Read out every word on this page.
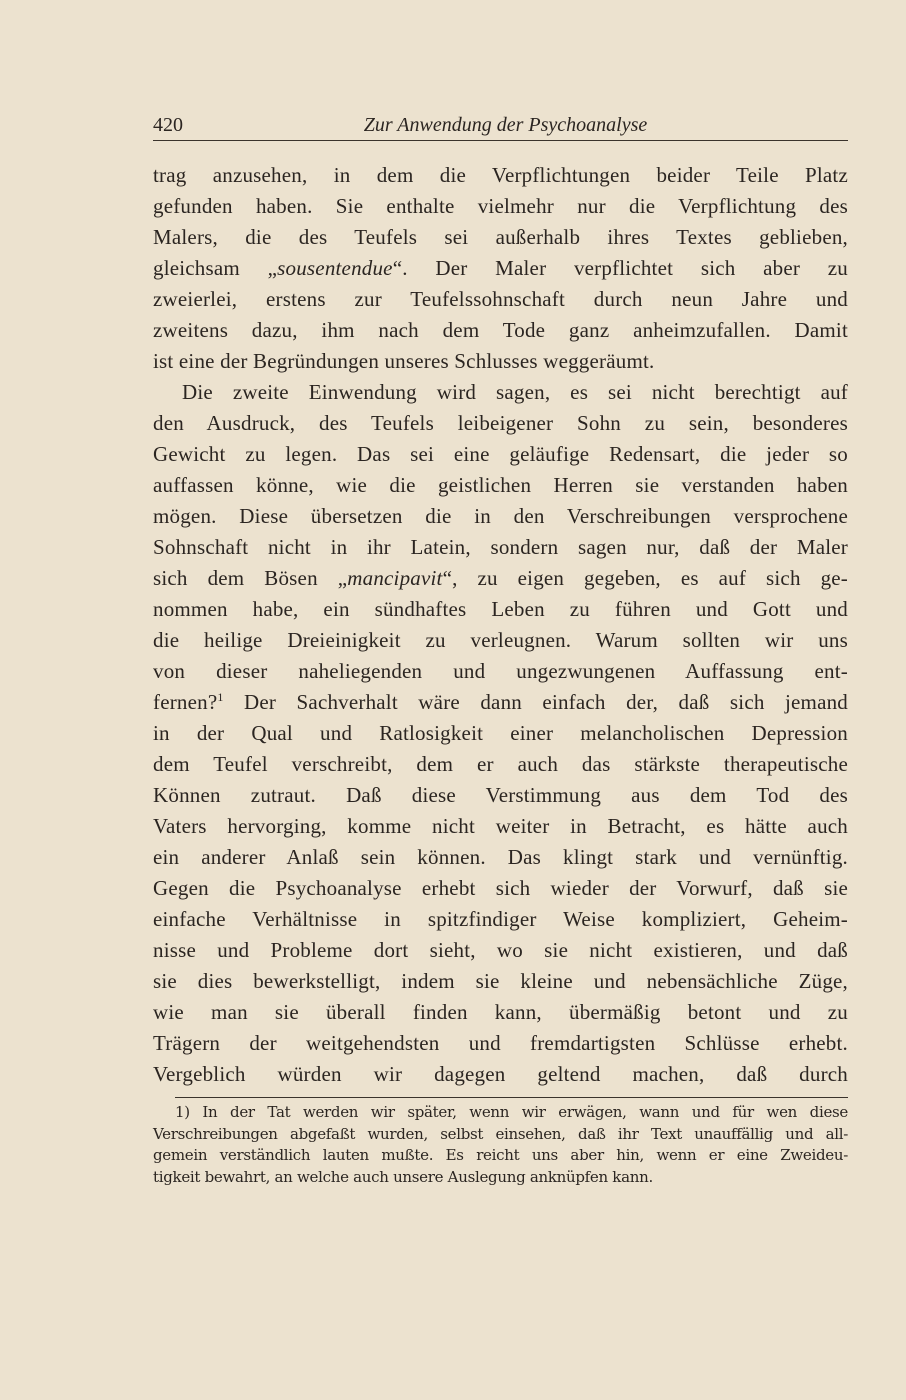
420	Zur Anwendung der Psychoanalyse
trag anzusehen, in dem die Verpflichtungen beider Teile Platz
gefunden haben. Sie enthalte vielmehr nur die Verpflichtung des
Malers, die des Teufels sei außerhalb ihres Textes geblieben,
gleichsam „sousentendue“. Der Maler verpflichtet sich aber zu
zweierlei, erstens zur Teufelssohnschaft durch neun Jahre und
zweitens dazu, ihm nach dem Tode ganz anheimzufallen. Damit
ist eine der Begründungen unseres Schlusses weggeräumt.
Die zweite Einwendung wird sagen, es sei nicht berechtigt auf
den Ausdruck, des Teufels leibeigener Sohn zu sein, besonderes
Gewicht zu legen. Das sei eine geläufige Redensart, die jeder so
auffassen könne, wie die geistlichen Herren sie verstanden haben
mögen. Diese übersetzen die in den Verschreibungen versprochene
Sohnschaft nicht in ihr Latein, sondern sagen nur, daß der Maler
sich dem Bösen „mancipavit“, zu eigen gegeben, es auf sich ge-
nommen habe, ein sündhaftes Leben zu führen und Gott und
die heilige Dreieinigkeit zu verleugnen. Warum sollten wir uns
von dieser naheliegenden und ungezwungenen Auffassung ent-
fernen?$^1$ Der Sachverhalt wäre dann einfach der, daß sich jemand
in der Qual und Ratlosigkeit einer melancholischen Depression
dem Teufel verschreibt, dem er auch das stärkste therapeutische
Können zutraut. Daß diese Verstimmung aus dem Tod des
Vaters hervorging, komme nicht weiter in Betracht, es hätte auch
ein anderer Anlaß sein können. Das klingt stark und vernünftig.
Gegen die Psychoanalyse erhebt sich wieder der Vorwurf, daß sie
einfache Verhältnisse in spitzfindiger Weise kompliziert, Geheim-
nisse und Probleme dort sieht, wo sie nicht existieren, und daß
sie dies bewerkstelligt, indem sie kleine und nebensächliche Züge,
wie man sie überall finden kann, übermäßig betont und zu
Trägern der weitgehendsten und fremdartigsten Schlüsse erhebt.
Vergeblich würden wir dagegen geltend machen, daß durch
1) In der Tat werden wir später, wenn wir erwägen, wann und für wen diese
Verschreibungen abgefaßt wurden, selbst einsehen, daß ihr Text unauffällig und all-
gemein verständlich lauten mußte. Es reicht uns aber hin, wenn er eine Zweideu-
tigkeit bewahrt, an welche auch unsere Auslegung anknüpfen kann.
